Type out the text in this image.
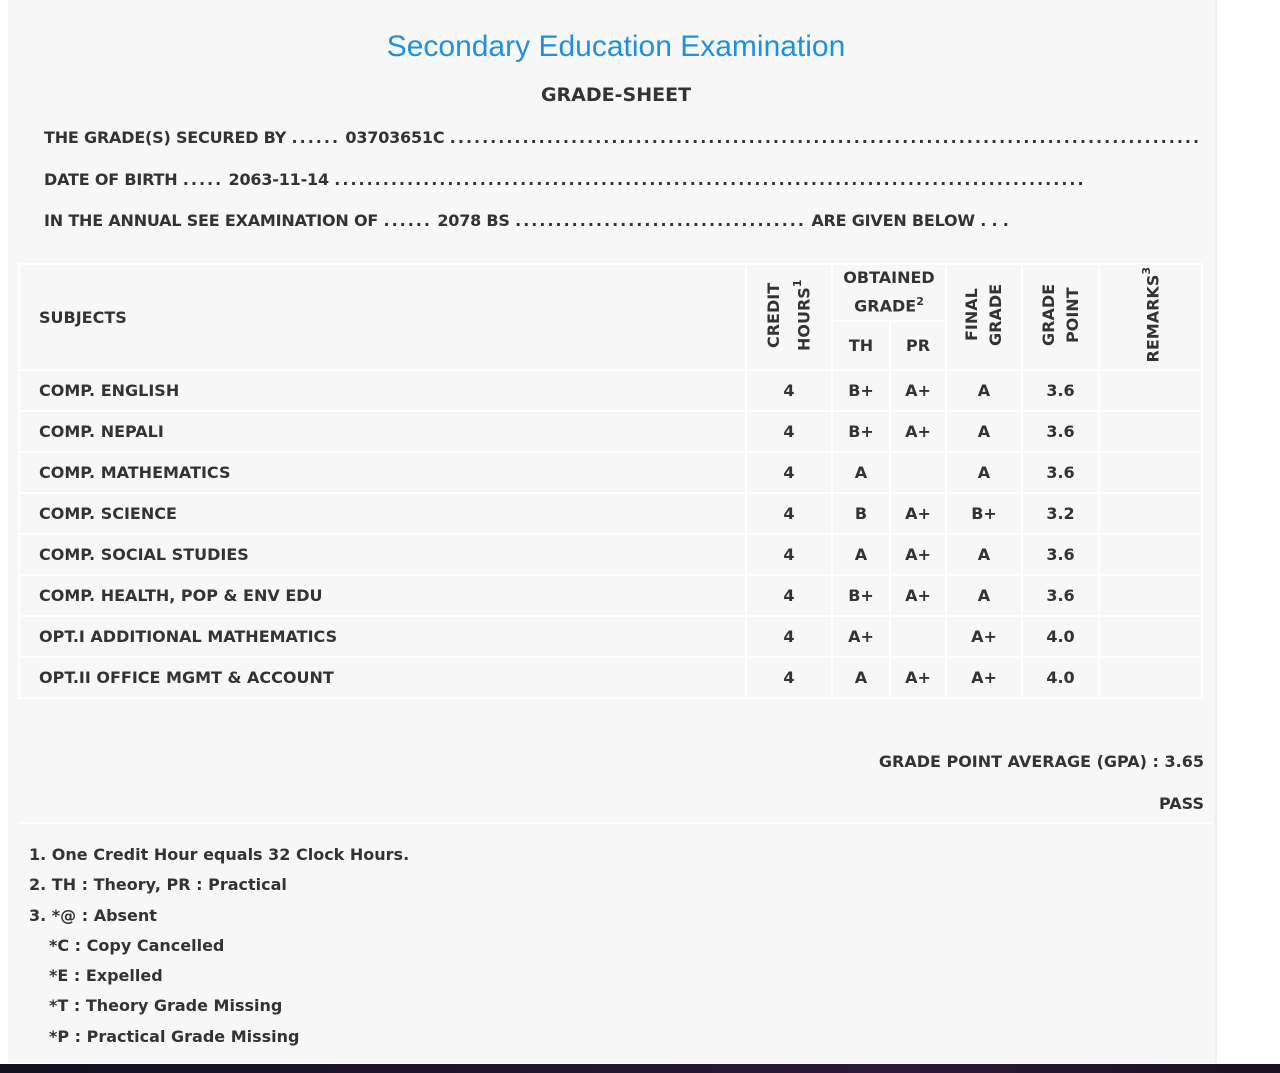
Secondary Education Examination
GRADE-SHEET
THE GRADE(S) SECURED BY ...... 03703651C .............................................................................................
DATE OF BIRTH ..... 2063-11-14 .............................................................................................
IN THE ANNUAL SEE EXAMINATION OF ...... 2078 BS .................................... ARE GIVEN BELOW . . .
SUBJECTS	CREDIT HOURS$^1$	OBTAINED GRADE$^2$		FINAL GRADE	GRADE POINT	REMARKS$^3$
		TH	PR			
COMP. ENGLISH	4	B+	A+	A	3.6	
COMP. NEPALI	4	B+	A+	A	3.6	
COMP. MATHEMATICS	4	A		A	3.6	
COMP. SCIENCE	4	B	A+	B+	3.2	
COMP. SOCIAL STUDIES	4	A	A+	A	3.6	
COMP. HEALTH, POP & ENV EDU	4	B+	A+	A	3.6	
OPT.I ADDITIONAL MATHEMATICS	4	A+		A+	4.0	
OPT.II OFFICE MGMT & ACCOUNT	4	A	A+	A+	4.0	
GRADE POINT AVERAGE (GPA) : 3.65
PASS
1. One Credit Hour equals 32 Clock Hours.
2. TH : Theory, PR : Practical
3. *@ : Absent
*C : Copy Cancelled
*E : Expelled
*T : Theory Grade Missing
*P : Practical Grade Missing
